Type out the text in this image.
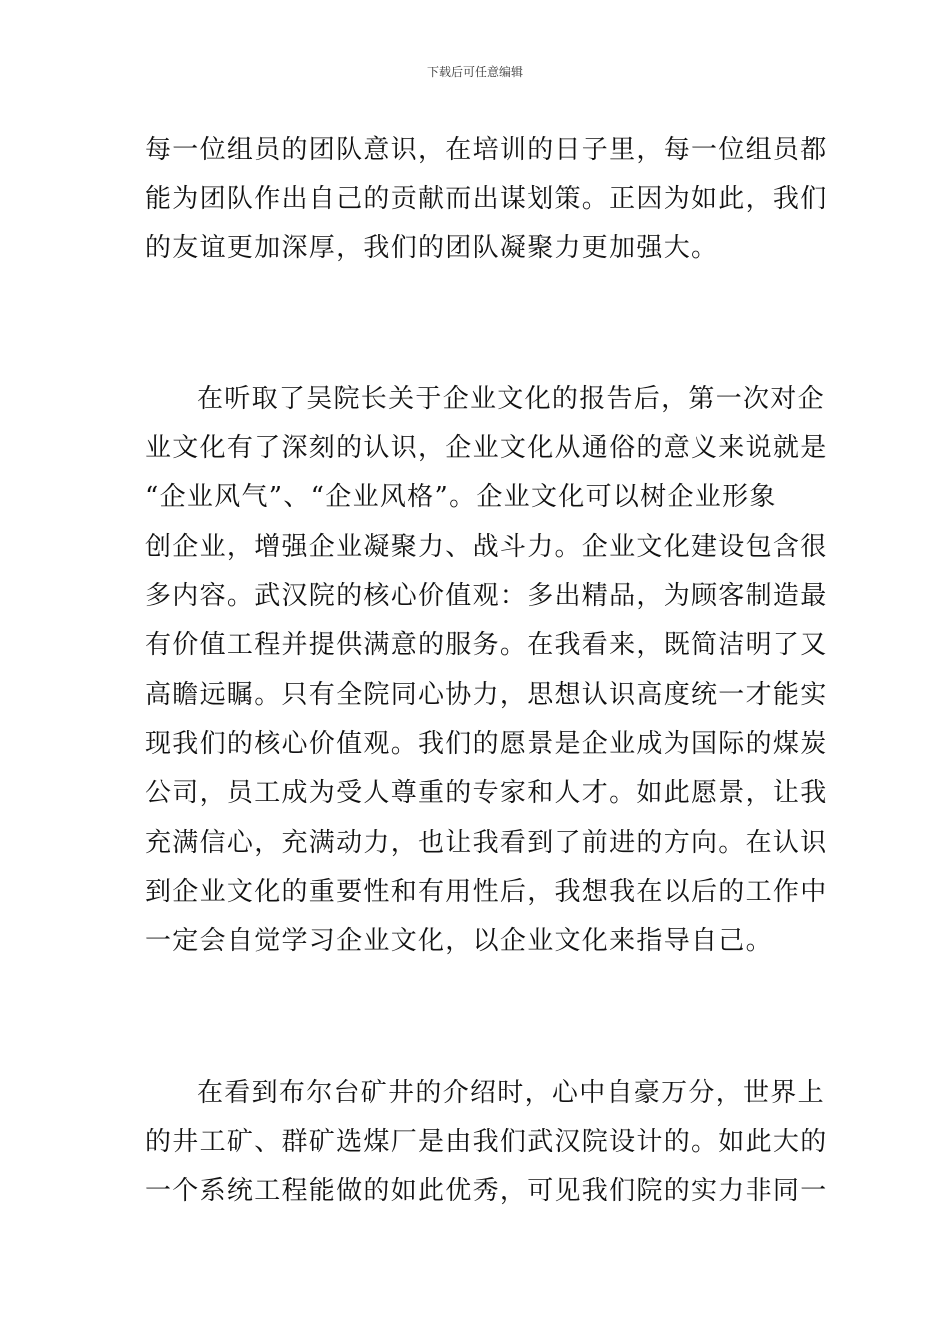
下载后可任意编辑
每一位组员的团队意识，在培训的日子里，每一位组员都
能为团队作出自己的贡献而出谋划策。正因为如此，我们
的友谊更加深厚，我们的团队凝聚力更加强大。
在听取了吴院长关于企业文化的报告后，第一次对企
业文化有了深刻的认识，企业文化从通俗的意义来说就是
“企业风气”、“企业风格”。企业文化可以树企业形象
创企业，增强企业凝聚力、战斗力。企业文化建设包含很
多内容。武汉院的核心价值观：多出精品，为顾客制造最
有价值工程并提供满意的服务。在我看来，既简洁明了又
高瞻远瞩。只有全院同心协力，思想认识高度统一才能实
现我们的核心价值观。我们的愿景是企业成为国际的煤炭
公司，员工成为受人尊重的专家和人才。如此愿景，让我
充满信心，充满动力，也让我看到了前进的方向。在认识
到企业文化的重要性和有用性后，我想我在以后的工作中
一定会自觉学习企业文化，以企业文化来指导自己。
在看到布尔台矿井的介绍时，心中自豪万分，世界上
的井工矿、群矿选煤厂是由我们武汉院设计的。如此大的
一个系统工程能做的如此优秀，可见我们院的实力非同一
